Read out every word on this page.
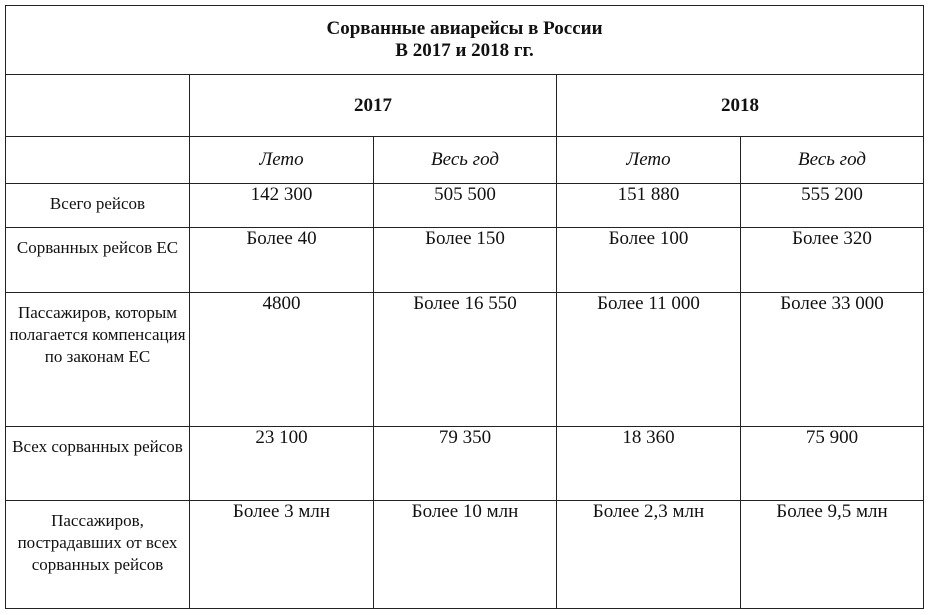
Сорванные авиарейсы в России
В 2017 и 2018 гг.				

	2017		2018	
	Лето	Весь год	Лето	Весь год
Всего рейсов	142 300	505 500	151 880	555 200
Сорванных рейсов ЕС	Более 40	Более 150	Более 100	Более 320
Пассажиров, которым полагается компенсация по законам ЕС	4800	Более 16 550	Более 11 000	Более 33 000
Всех сорванных рейсов	23 100	79 350	18 360	75 900
Пассажиров, пострадавших от всех сорванных рейсов	Более 3 млн	Более 10 млн	Более 2,3 млн	Более 9,5 млн
